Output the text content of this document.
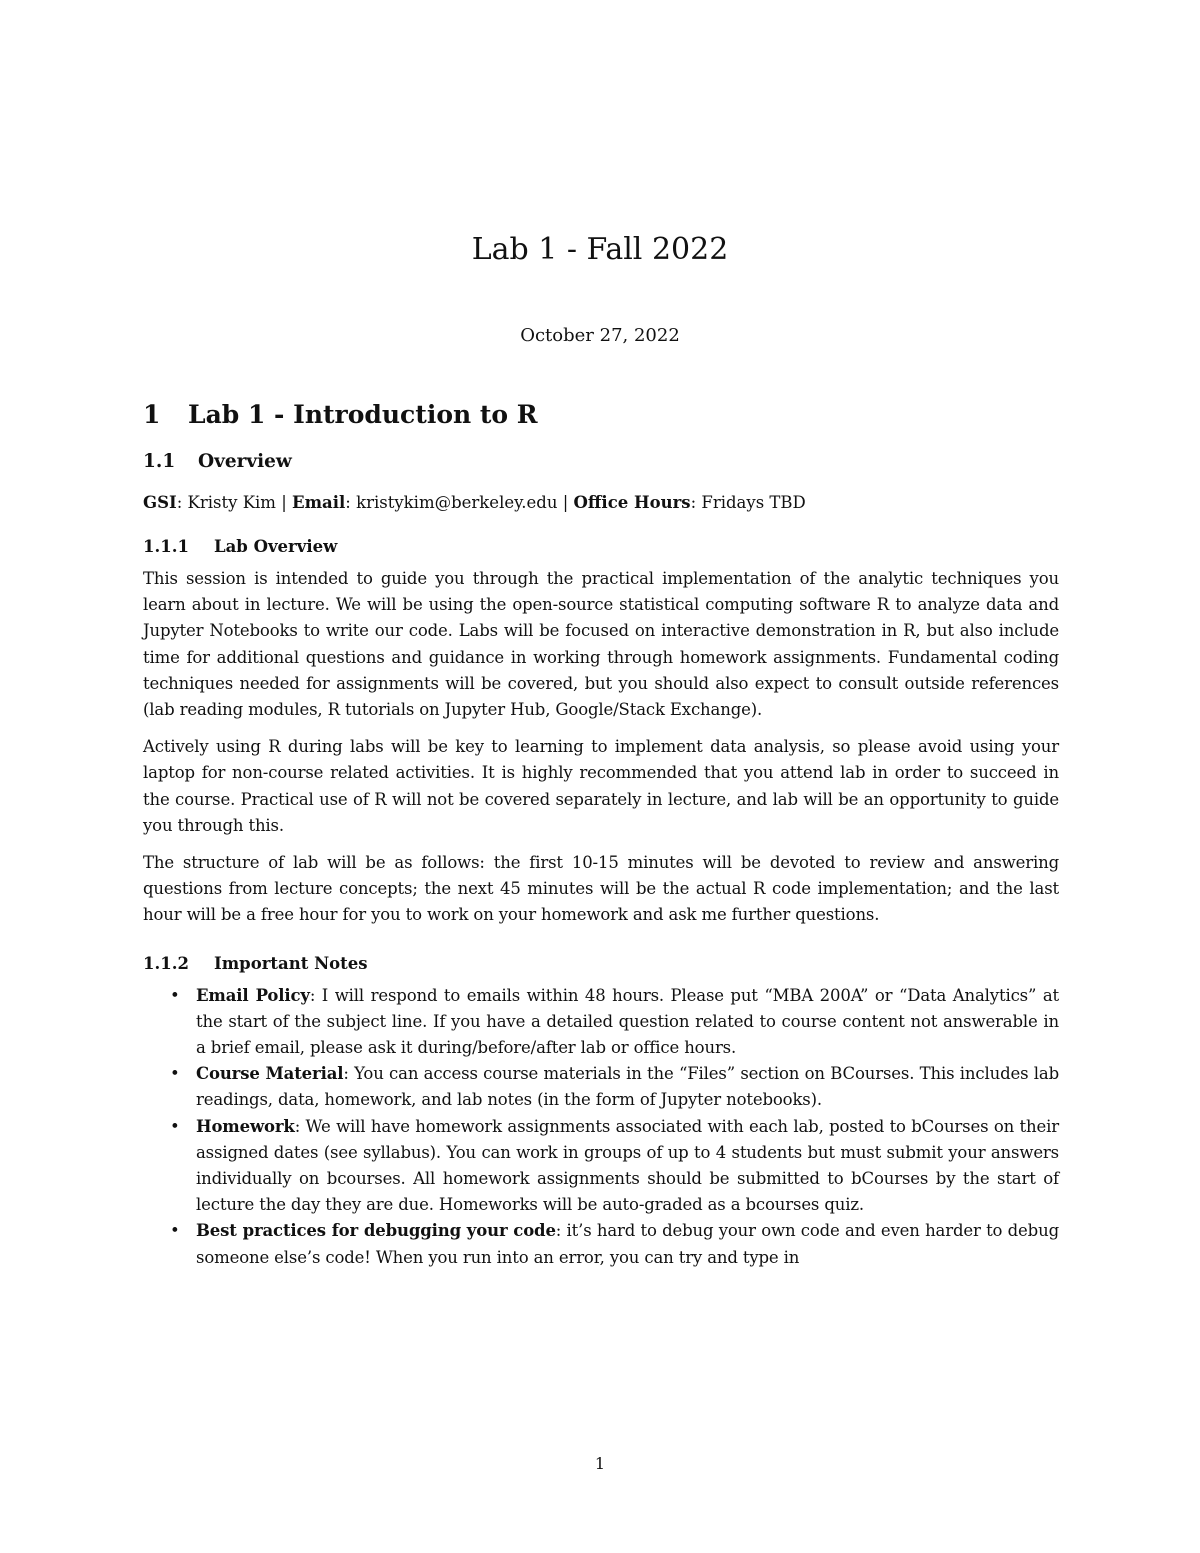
Lab 1 - Fall 2022
October 27, 2022
1 Lab 1 - Introduction to R
1.1 Overview

GSI: Kristy Kim | Email: kristykim@berkeley.edu | Office Hours: Fridays TBD

1.1.1 Lab Overview

This session is intended to guide you through the practical implementation of the analytic techniques you learn about in lecture. We will be using the open-source statistical computing software R to analyze data and Jupyter Notebooks to write our code. Labs will be focused on interactive demonstration in R, but also include time for additional questions and guidance in working through homework assignments. Fundamental coding techniques needed for assignments will be covered, but you should also expect to consult outside references (lab reading modules, R tutorials on Jupyter Hub, Google/Stack Exchange).

Actively using R during labs will be key to learning to implement data analysis, so please avoid using your laptop for non-course related activities. It is highly recommended that you attend lab in order to succeed in the course. Practical use of R will not be covered separately in lecture, and lab will be an opportunity to guide you through this.

The structure of lab will be as follows: the first 10-15 minutes will be devoted to review and answering questions from lecture concepts; the next 45 minutes will be the actual R code implementation; and the last hour will be a free hour for you to work on your homework and ask me further questions.

1.1.2 Important Notes
• Email Policy: I will respond to emails within 48 hours. Please put “MBA 200A” or “Data Analytics” at the start of the subject line. If you have a detailed question related to course content not answerable in a brief email, please ask it during/before/after lab or office hours.
• Course Material: You can access course materials in the “Files” section on BCourses. This includes lab readings, data, homework, and lab notes (in the form of Jupyter notebooks).
• Homework: We will have homework assignments associated with each lab, posted to bCourses on their assigned dates (see syllabus). You can work in groups of up to 4 students but must submit your answers individually on bcourses. All homework assignments should be submitted to bCourses by the start of lecture the day they are due. Homeworks will be auto-graded as a bcourses quiz.
• Best practices for debugging your code: it’s hard to debug your own code and even harder to debug someone else’s code! When you run into an error, you can try and type in
1
